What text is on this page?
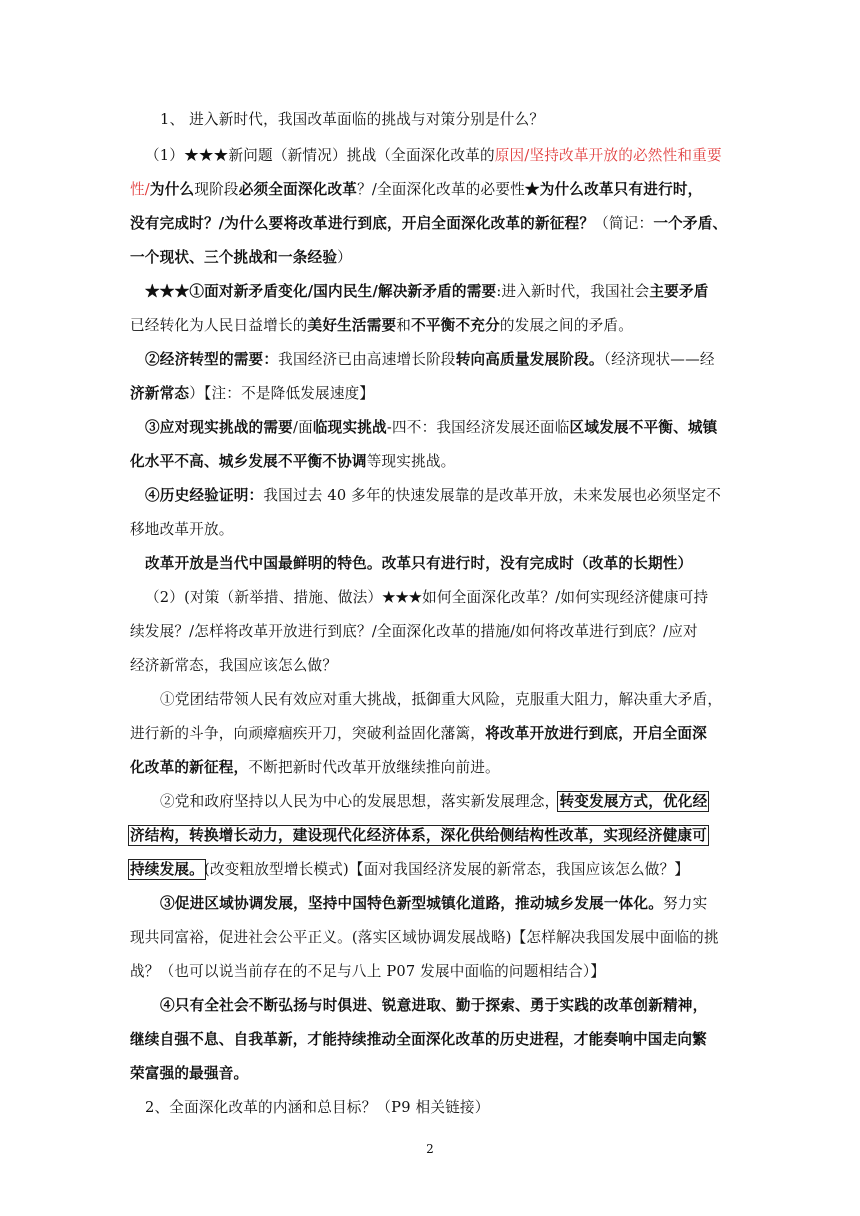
1、 进入新时代，我国改革面临的挑战与对策分别是什么？
（1）★★★新问题（新情况）挑战（全面深化改革的原因/坚持改革开放的必然性和重要
性/为什么现阶段必须全面深化改革？/全面深化改革的必要性★为什么改革只有进行时，
没有完成时？/为什么要将改革进行到底，开启全面深化改革的新征程？（简记：一个矛盾、
一个现状、三个挑战和一条经验）
★★★①面对新矛盾变化/国内民生/解决新矛盾的需要:进入新时代，我国社会主要矛盾
已经转化为人民日益增长的美好生活需要和不平衡不充分的发展之间的矛盾。
②经济转型的需要：我国经济已由高速增长阶段转向高质量发展阶段。（经济现状——经
济新常态）【注：不是降低发展速度】
③应对现实挑战的需要/面临现实挑战-四不：我国经济发展还面临区域发展不平衡、城镇
化水平不高、城乡发展不平衡不协调等现实挑战。
④历史经验证明：我国过去 40 多年的快速发展靠的是改革开放，未来发展也必须坚定不
移地改革开放。
改革开放是当代中国最鲜明的特色。改革只有进行时，没有完成时（改革的长期性）
（2）(对策（新举措、措施、做法）★★★如何全面深化改革？/如何实现经济健康可持
续发展？/怎样将改革开放进行到底？/全面深化改革的措施/如何将改革进行到底？/应对
经济新常态，我国应该怎么做？
①党团结带领人民有效应对重大挑战，抵御重大风险，克服重大阻力，解决重大矛盾，
进行新的斗争，向顽瘴痼疾开刀，突破利益固化藩篱，将改革开放进行到底，开启全面深
化改革的新征程，不断把新时代改革开放继续推向前进。
②党和政府坚持以人民为中心的发展思想，落实新发展理念，转变发展方式，优化经
济结构，转换增长动力，建设现代化经济体系，深化供给侧结构性改革，实现经济健康可
持续发展。(改变粗放型增长模式)【面对我国经济发展的新常态，我国应该怎么做？】
③促进区域协调发展，坚持中国特色新型城镇化道路，推动城乡发展一体化。努力实
现共同富裕，促进社会公平正义。(落实区域协调发展战略)【怎样解决我国发展中面临的挑
战？（也可以说当前存在的不足与八上 P07 发展中面临的问题相结合）】
④只有全社会不断弘扬与时俱进、锐意进取、勤于探索、勇于实践的改革创新精神，
继续自强不息、自我革新，才能持续推动全面深化改革的历史进程，才能奏响中国走向繁
荣富强的最强音。
2、全面深化改革的内涵和总目标？（P9 相关链接）
2
